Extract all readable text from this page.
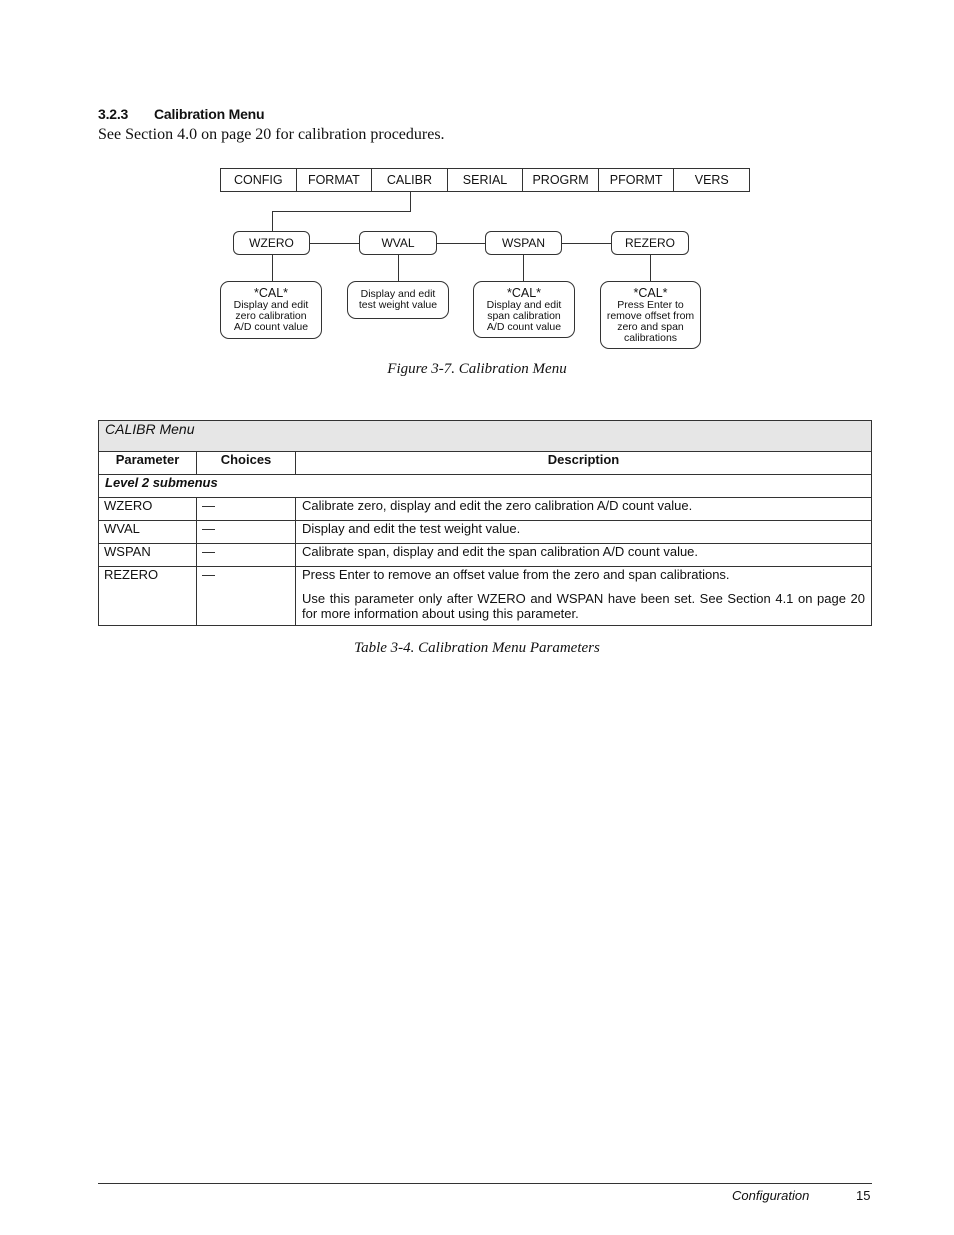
3.2.3 Calibration Menu
See Section 4.0 on page 20 for calibration procedures.
CONFIG	FORMAT	CALIBR	SERIAL	PROGRM	PFORMT	VERS
WZERO	WVAL	WSPAN	REZERO
*CAL*
Display and edit
zero calibration
A/D count value
Display and edit
test weight value
*CAL*
Display and edit
span calibration
A/D count value
*CAL*
Press Enter to
remove offset from
zero and span
calibrations
Figure 3-7. Calibration Menu
CALIBR Menu		
Parameter	Choices	Description
Level 2 submenus		
WZERO	—	Calibrate zero, display and edit the zero calibration A/D count value.
WVAL	—	Display and edit the test weight value.
WSPAN	—	Calibrate span, display and edit the span calibration A/D count value.
REZERO	—	Press Enter to remove an offset value from the zero and span calibrations.
Use this parameter only after WZERO and WSPAN have been set. See Section 4.1 on page 20 for more information about using this parameter.
Table 3-4. Calibration Menu Parameters
Configuration	15
